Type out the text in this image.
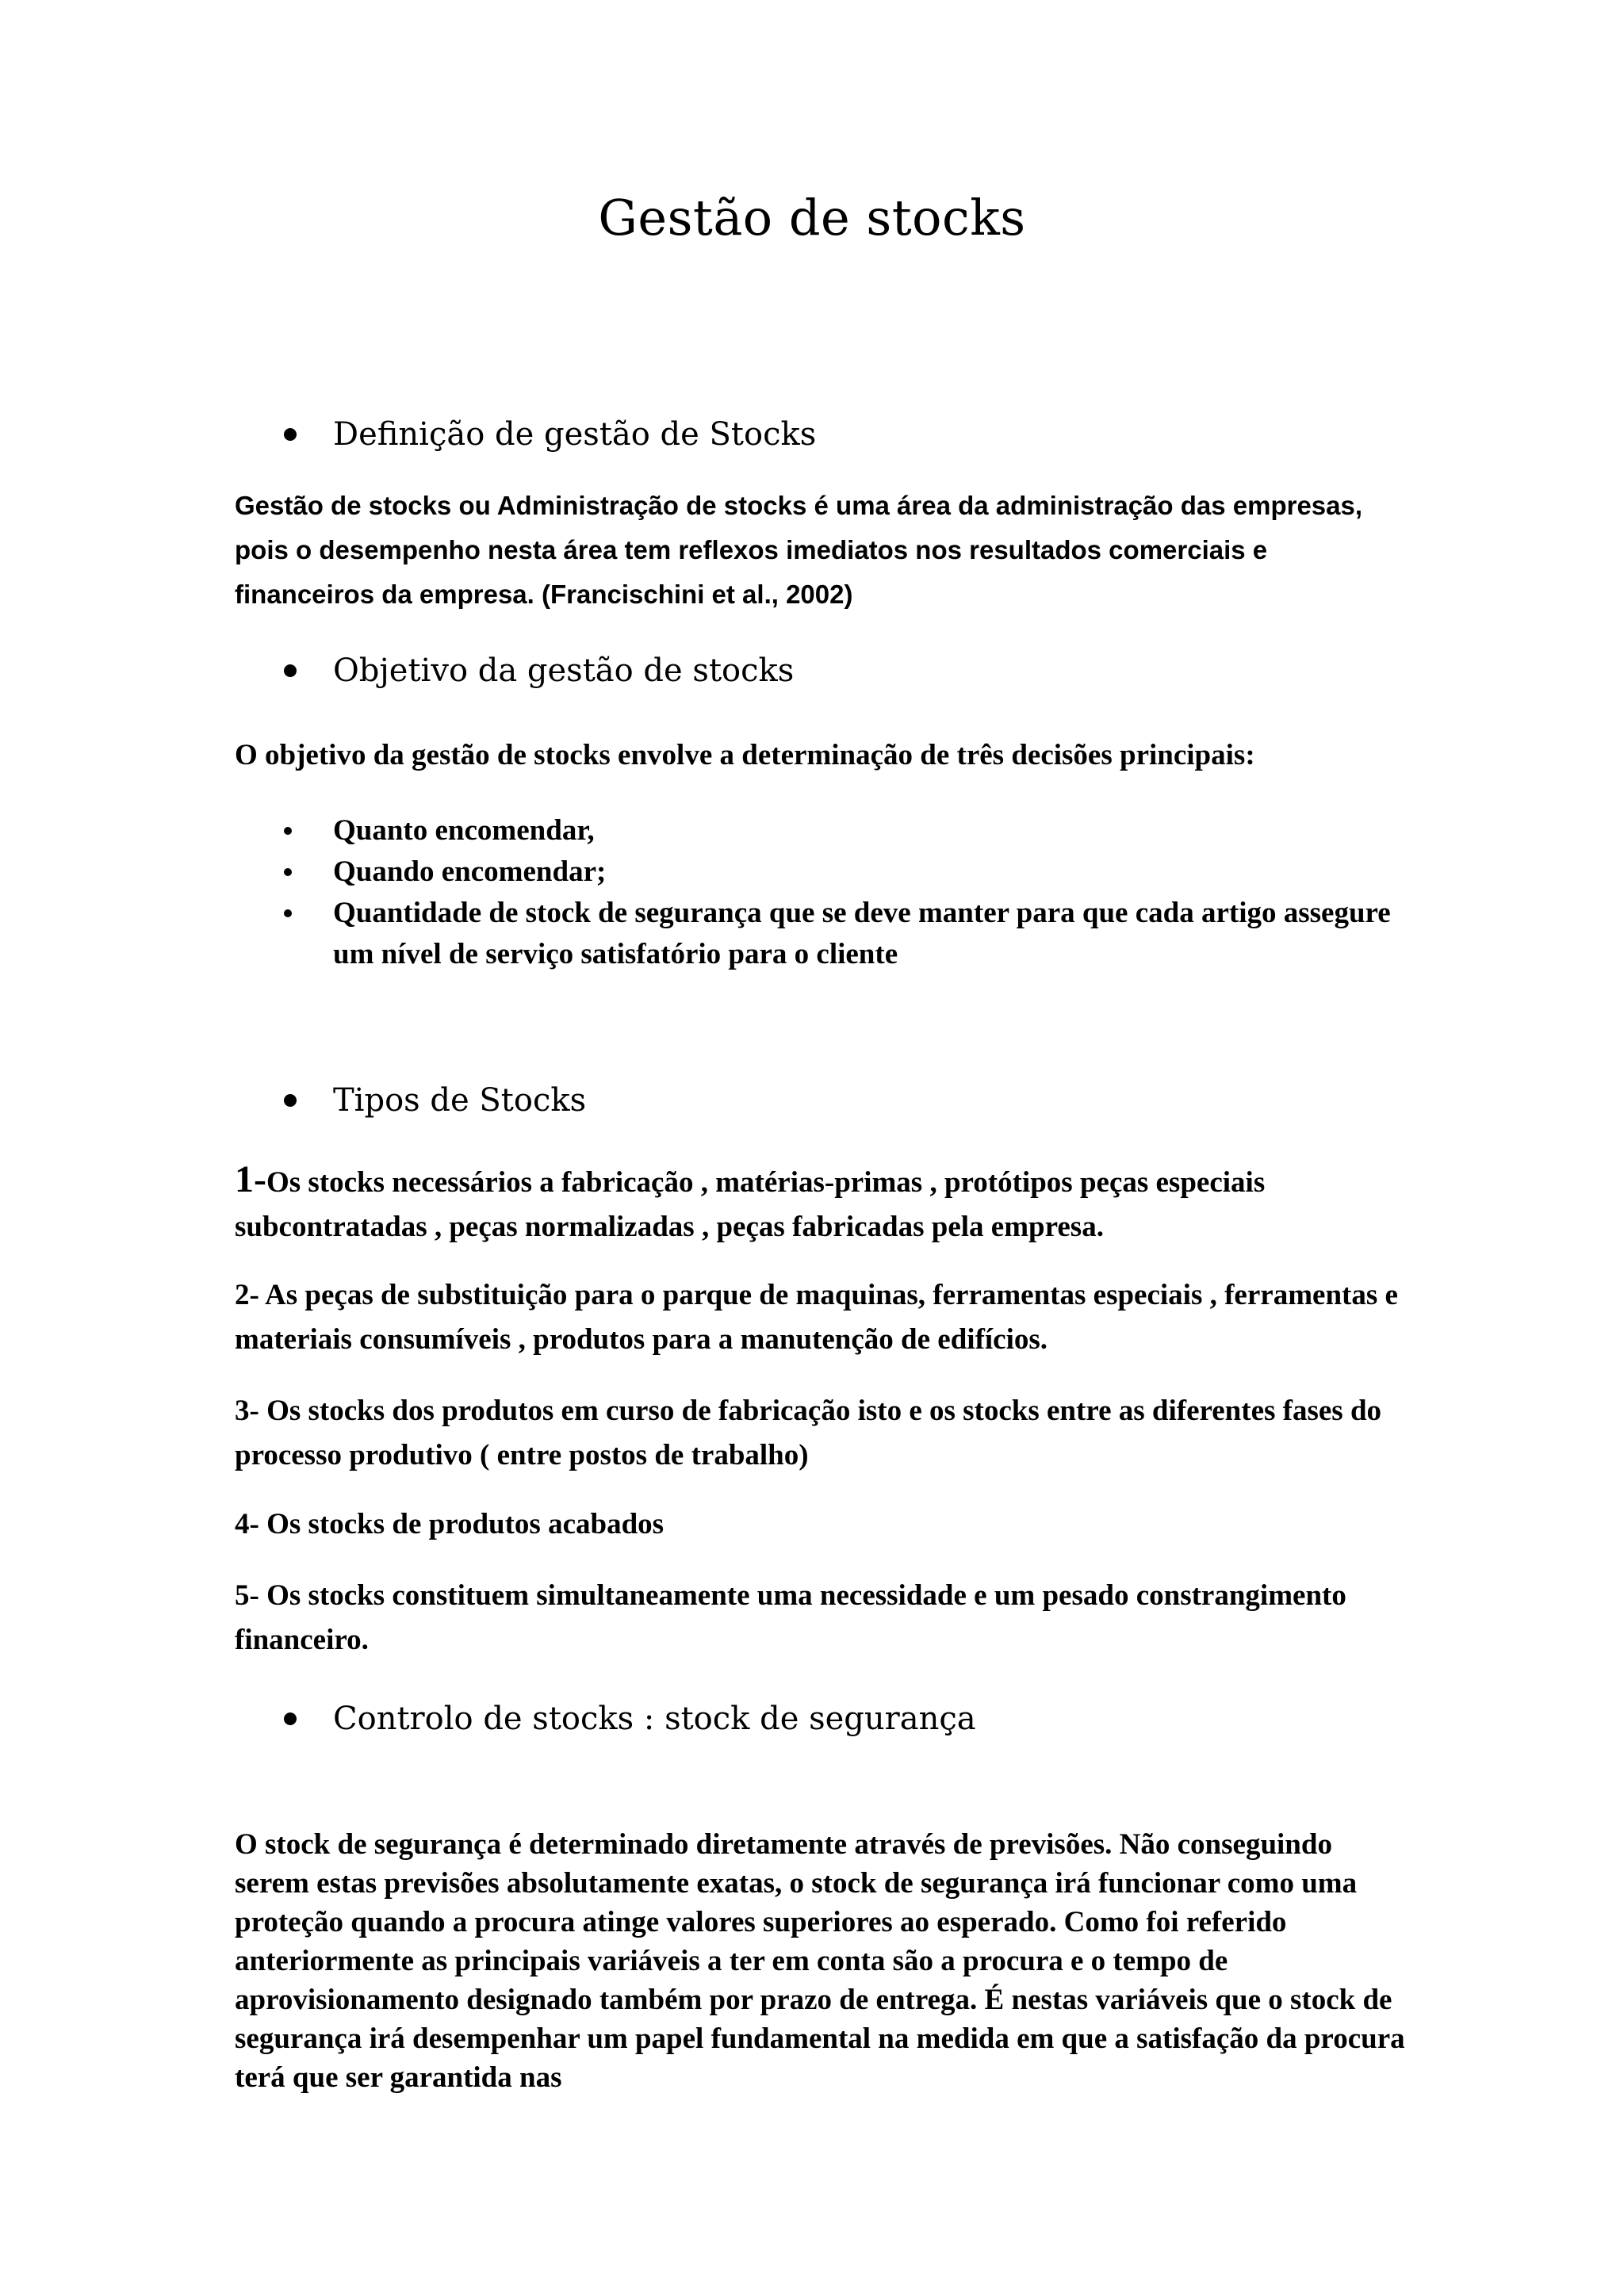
Gestão de stocks
Definição de gestão de Stocks

Gestão de stocks ou Administração de stocks é uma área da administração das empresas, pois o desempenho nesta área tem reflexos imediatos nos resultados comerciais e financeiros da empresa. (Francischini et al., 2002)

Objetivo da gestão de stocks

O objetivo da gestão de stocks envolve a determinação de três decisões principais:

Quanto encomendar,
Quando encomendar;
Quantidade de stock de segurança que se deve manter para que cada artigo assegure um nível de serviço satisfatório para o cliente
Tipos de Stocks

1-Os stocks necessários a fabricação , matérias-primas , protótipos peças especiais subcontratadas , peças normalizadas , peças fabricadas pela empresa.

2- As peças de substituição para o parque de maquinas, ferramentas especiais , ferramentas e materiais consumíveis , produtos para a manutenção de edifícios.

3- Os stocks dos produtos em curso de fabricação isto e os stocks entre as diferentes fases do processo produtivo ( entre postos de trabalho)

4- Os stocks de produtos acabados

5- Os stocks constituem simultaneamente uma necessidade e um pesado constrangimento financeiro.

Controlo de stocks : stock de segurança

O stock de segurança é determinado diretamente através de previsões. Não conseguindo serem estas previsões absolutamente exatas, o stock de segurança irá funcionar como uma proteção quando a procura atinge valores superiores ao esperado. Como foi referido anteriormente as principais variáveis a ter em conta são a procura e o tempo de aprovisionamento designado também por prazo de entrega. É nestas variáveis que o stock de segurança irá desempenhar um papel fundamental na medida em que a satisfação da procura terá que ser garantida nas
